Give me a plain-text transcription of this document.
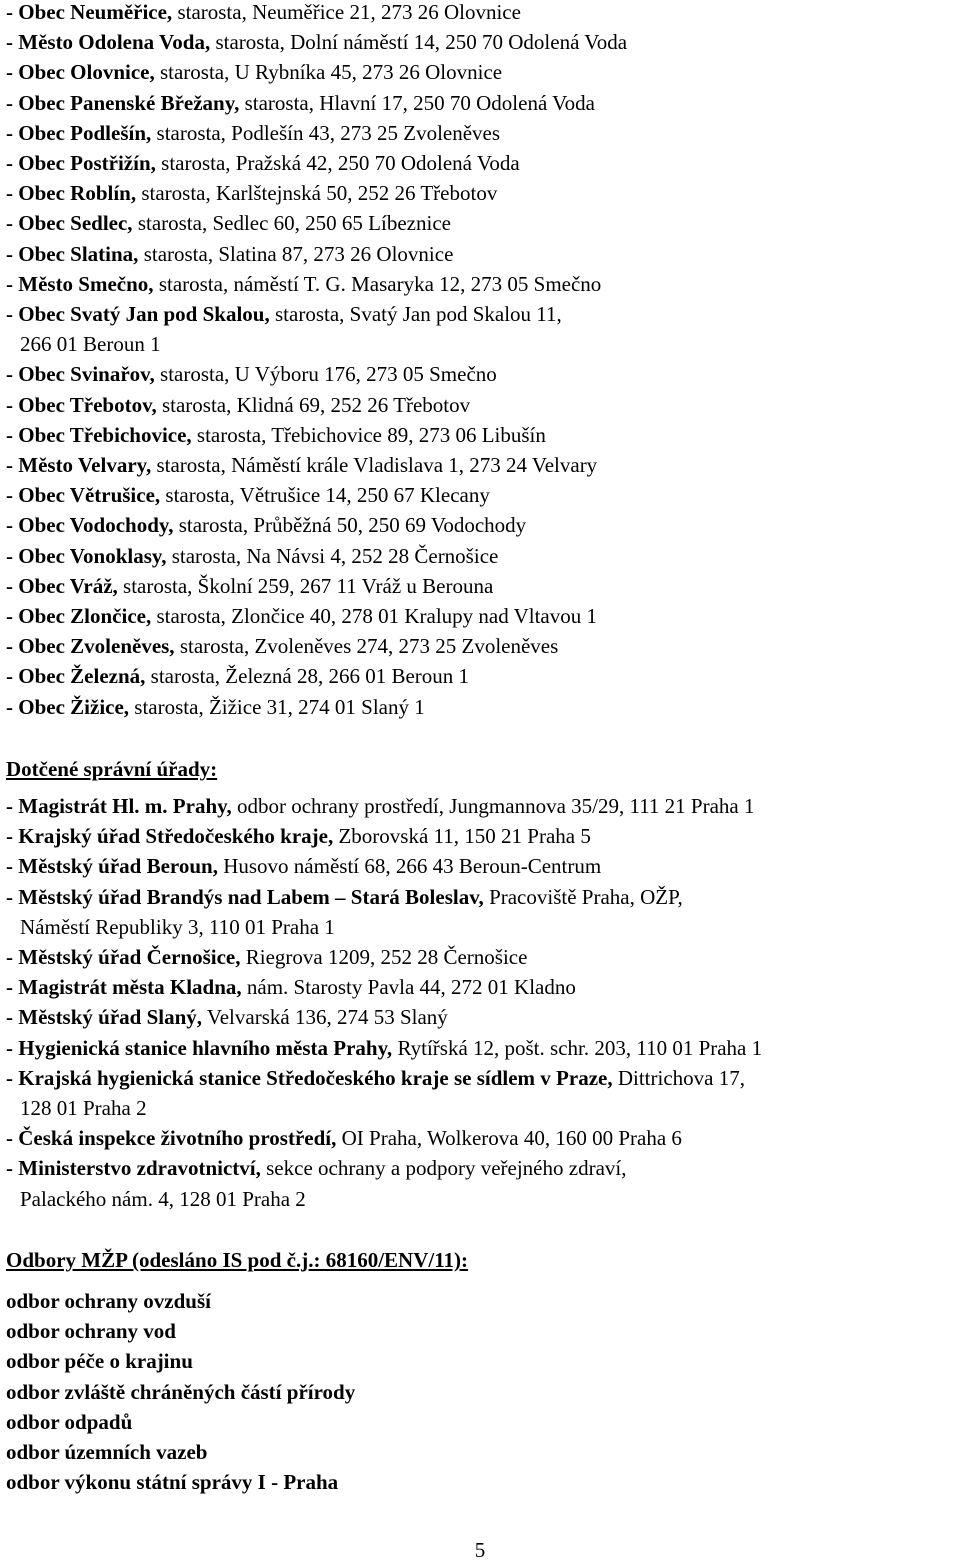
- Obec Neuměřice, starosta, Neuměřice 21, 273 26 Olovnice
- Město Odolena Voda, starosta, Dolní náměstí 14, 250 70 Odolená Voda
- Obec Olovnice, starosta, U Rybníka 45, 273 26 Olovnice
- Obec Panenské Břežany, starosta, Hlavní 17, 250 70 Odolená Voda
- Obec Podlešín, starosta, Podlešín 43, 273 25 Zvoleněves
- Obec Postřižín, starosta, Pražská 42, 250 70 Odolená Voda
- Obec Roblín, starosta, Karlštejnská 50, 252 26 Třebotov
- Obec Sedlec, starosta, Sedlec 60, 250 65 Líbeznice
- Obec Slatina, starosta, Slatina 87, 273 26 Olovnice
- Město Smečno, starosta, náměstí T. G. Masaryka 12, 273 05 Smečno
- Obec Svatý Jan pod Skalou, starosta, Svatý Jan pod Skalou 11,
266 01 Beroun 1
- Obec Svinařov, starosta, U Výboru 176, 273 05 Smečno
- Obec Třebotov, starosta, Klidná 69, 252 26 Třebotov
- Obec Třebichovice, starosta, Třebichovice 89, 273 06 Libušín
- Město Velvary, starosta, Náměstí krále Vladislava 1, 273 24 Velvary
- Obec Větrušice, starosta, Větrušice 14, 250 67 Klecany
- Obec Vodochody, starosta, Průběžná 50, 250 69 Vodochody
- Obec Vonoklasy, starosta, Na Návsi 4, 252 28 Černošice
- Obec Vráž, starosta, Školní 259, 267 11 Vráž u Berouna
- Obec Zlončice, starosta, Zlončice 40, 278 01 Kralupy nad Vltavou 1
- Obec Zvoleněves, starosta, Zvoleněves 274, 273 25 Zvoleněves
- Obec Železná, starosta, Železná 28, 266 01 Beroun 1
- Obec Žižice, starosta, Žižice 31, 274 01 Slaný 1
Dotčené správní úřady:
- Magistrát Hl. m. Prahy, odbor ochrany prostředí, Jungmannova 35/29, 111 21 Praha 1
- Krajský úřad Středočeského kraje, Zborovská 11, 150 21 Praha 5
- Městský úřad Beroun, Husovo náměstí 68, 266 43 Beroun-Centrum
- Městský úřad Brandýs nad Labem – Stará Boleslav, Pracoviště Praha, OŽP,
Náměstí Republiky 3, 110 01 Praha 1
- Městský úřad Černošice, Riegrova 1209, 252 28 Černošice
- Magistrát města Kladna, nám. Starosty Pavla 44, 272 01 Kladno
- Městský úřad Slaný, Velvarská 136, 274 53 Slaný
- Hygienická stanice hlavního města Prahy, Rytířská 12, pošt. schr. 203, 110 01 Praha 1
- Krajská hygienická stanice Středočeského kraje se sídlem v Praze, Dittrichova 17,
128 01 Praha 2
- Česká inspekce životního prostředí, OI Praha, Wolkerova 40, 160 00 Praha 6
- Ministerstvo zdravotnictví, sekce ochrany a podpory veřejného zdraví,
Palackého nám. 4, 128 01 Praha 2
Odbory MŽP (odesláno IS pod č.j.: 68160/ENV/11):
odbor ochrany ovzduší
odbor ochrany vod
odbor péče o krajinu
odbor zvláště chráněných částí přírody
odbor odpadů
odbor územních vazeb
odbor výkonu státní správy I - Praha
5
